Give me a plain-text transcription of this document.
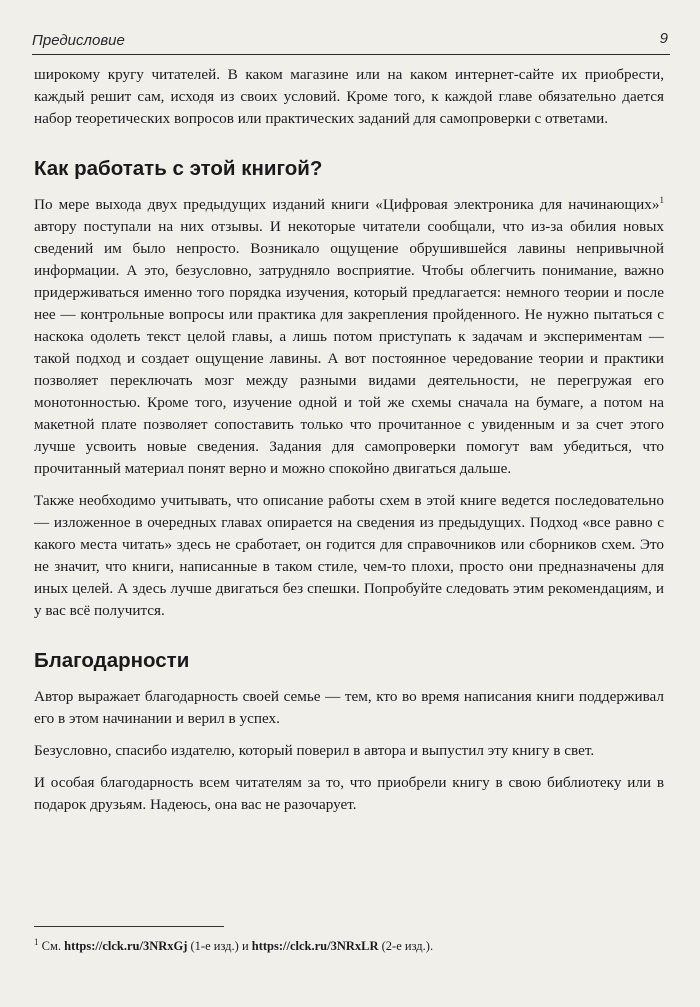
Предисловие	9

широкому кругу читателей. В каком магазине или на каком интернет-сайте их приобрести, каждый решит сам, исходя из своих условий. Кроме того, к каждой главе обязательно дается набор теоретических вопросов или практических заданий для самопроверки с ответами.

Как работать с этой книгой?

По мере выхода двух предыдущих изданий книги «Цифровая электроника для начинающих»$^1$ автору поступали на них отзывы. И некоторые читатели сообщали, что из-за обилия новых сведений им было непросто. Возникало ощущение обрушившейся лавины непривычной информации. А это, безусловно, затрудняло восприятие. Чтобы облегчить понимание, важно придерживаться именно того порядка изучения, который предлагается: немного теории и после нее — контрольные вопросы или практика для закрепления пройденного. Не нужно пытаться с наскока одолеть текст целой главы, а лишь потом приступать к задачам и экспериментам — такой подход и создает ощущение лавины. А вот постоянное чередование теории и практики позволяет переключать мозг между разными видами деятельности, не перегружая его монотонностью. Кроме того, изучение одной и той же схемы сначала на бумаге, а потом на макетной плате позволяет сопоставить только что прочитанное с увиденным и за счет этого лучше усвоить новые сведения. Задания для самопроверки помогут вам убедиться, что прочитанный материал понят верно и можно спокойно двигаться дальше.

Также необходимо учитывать, что описание работы схем в этой книге ведется последовательно — изложенное в очередных главах опирается на сведения из предыдущих. Подход «все равно с какого места читать» здесь не сработает, он годится для справочников или сборников схем. Это не значит, что книги, написанные в таком стиле, чем-то плохи, просто они предназначены для иных целей. А здесь лучше двигаться без спешки. Попробуйте следовать этим рекомендациям, и у вас всё получится.

Благодарности

Автор выражает благодарность своей семье — тем, кто во время написания книги поддерживал его в этом начинании и верил в успех.

Безусловно, спасибо издателю, который поверил в автора и выпустил эту книгу в свет.

И особая благодарность всем читателям за то, что приобрели книгу в свою библиотеку или в подарок друзьям. Надеюсь, она вас не разочарует.

$^1$ См. https://clck.ru/3NRxGj (1-е изд.) и https://clck.ru/3NRxLR (2-е изд.).
